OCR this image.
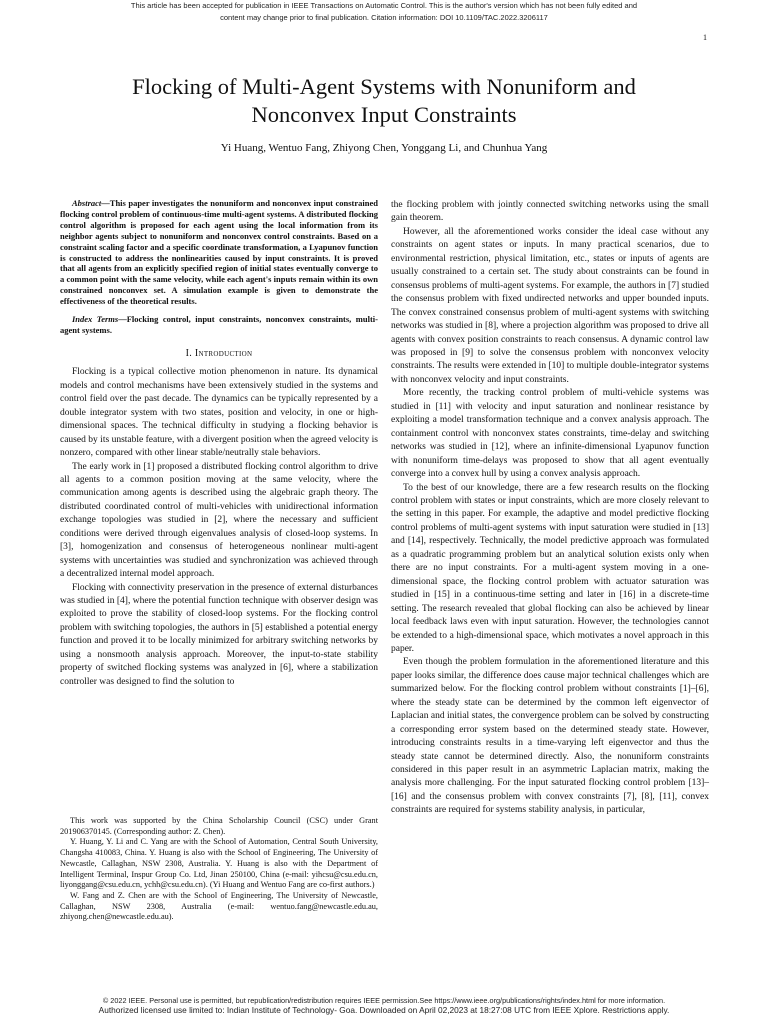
This article has been accepted for publication in IEEE Transactions on Automatic Control. This is the author's version which has not been fully edited and
content may change prior to final publication. Citation information: DOI 10.1109/TAC.2022.3206117
1
Flocking of Multi-Agent Systems with Nonuniform and
Nonconvex Input Constraints
Yi Huang, Wentuo Fang, Zhiyong Chen, Yonggang Li, and Chunhua Yang

Abstract—This paper investigates the nonuniform and nonconvex input constrained flocking control problem of continuous-time multi-agent systems. A distributed flocking control algorithm is proposed for each agent using the local information from its neighbor agents subject to nonuniform and nonconvex control constraints. Based on a constraint scaling factor and a specific coordinate transformation, a Lyapunov function is constructed to address the nonlinearities caused by input constraints. It is proved that all agents from an explicitly specified region of initial states eventually converge to a common point with the same velocity, while each agent's inputs remain within its own constrained nonconvex set. A simulation example is given to demonstrate the effectiveness of the theoretical results.

Index Terms—Flocking control, input constraints, nonconvex constraints, multi-agent systems.

I. Introduction

Flocking is a typical collective motion phenomenon in nature. Its dynamical models and control mechanisms have been extensively studied in the systems and control field over the past decade. The dynamics can be typically represented by a double integrator system with two states, position and velocity, in one or high-dimensional spaces. The technical difficulty in studying a flocking behavior is caused by its unstable feature, with a divergent position when the agreed velocity is nonzero, compared with other linear stable/neutrally stale behaviors.

The early work in [1] proposed a distributed flocking control algorithm to drive all agents to a common position moving at the same velocity, where the communication among agents is described using the algebraic graph theory. The distributed coordinated control of multi-vehicles with unidirectional information exchange topologies was studied in [2], where the necessary and sufficient conditions were derived through eigenvalues analysis of closed-loop systems. In [3], homogenization and consensus of heterogeneous nonlinear multi-agent systems with uncertainties was studied and synchronization was achieved through a decentralized internal model approach.

Flocking with connectivity preservation in the presence of external disturbances was studied in [4], where the potential function technique with observer design was exploited to prove the stability of closed-loop systems. For the flocking control problem with switching topologies, the authors in [5] established a potential energy function and proved it to be locally minimized for arbitrary switching networks by using a nonsmooth analysis approach. Moreover, the input-to-state stability property of switched flocking systems was analyzed in [6], where a stabilization controller was designed to find the solution to

This work was supported by the China Scholarship Council (CSC) under Grant 201906370145. (Corresponding author: Z. Chen).

Y. Huang, Y. Li and C. Yang are with the School of Automation, Central South University, Changsha 410083, China. Y. Huang is also with the School of Engineering, The University of Newcastle, Callaghan, NSW 2308, Australia. Y. Huang is also with the Department of Intelligent Terminal, Inspur Group Co. Ltd, Jinan 250100, China (e-mail: yihcsu@csu.edu.cn, liyonggang@csu.edu.cn, ychh@csu.edu.cn). (Yi Huang and Wentuo Fang are co-first authors.)

W. Fang and Z. Chen are with the School of Engineering, The University of Newcastle, Callaghan, NSW 2308, Australia (e-mail: wentuo.fang@newcastle.edu.au, zhiyong.chen@newcastle.edu.au).

the flocking problem with jointly connected switching networks using the small gain theorem.

However, all the aforementioned works consider the ideal case without any constraints on agent states or inputs. In many practical scenarios, due to environmental restriction, physical limitation, etc., states or inputs of agents are usually constrained to a certain set. The study about constraints can be found in consensus problems of multi-agent systems. For example, the authors in [7] studied the consensus problem with fixed undirected networks and upper bounded inputs. The convex constrained consensus problem of multi-agent systems with switching networks was studied in [8], where a projection algorithm was proposed to drive all agents with convex position constraints to reach consensus. A dynamic control law was proposed in [9] to solve the consensus problem with nonconvex velocity constraints. The results were extended in [10] to multiple double-integrator systems with nonconvex velocity and input constraints.

More recently, the tracking control problem of multi-vehicle systems was studied in [11] with velocity and input saturation and nonlinear resistance by exploiting a model transformation technique and a convex analysis approach. The containment control with nonconvex states constraints, time-delay and switching networks was studied in [12], where an infinite-dimensional Lyapunov function with nonuniform time-delays was proposed to show that all agent eventually converge into a convex hull by using a convex analysis approach.

To the best of our knowledge, there are a few research results on the flocking control problem with states or input constraints, which are more closely relevant to the setting in this paper. For example, the adaptive and model predictive flocking control problems of multi-agent systems with input saturation were studied in [13] and [14], respectively. Technically, the model predictive approach was formulated as a quadratic programming problem but an analytical solution exists only when there are no input constraints. For a multi-agent system moving in a one-dimensional space, the flocking control problem with actuator saturation was studied in [15] in a continuous-time setting and later in [16] in a discrete-time setting. The research revealed that global flocking can also be achieved by linear local feedback laws even with input saturation. However, the technologies cannot be extended to a high-dimensional space, which motivates a novel approach in this paper.

Even though the problem formulation in the aforementioned literature and this paper looks similar, the difference does cause major technical challenges which are summarized below. For the flocking control problem without constraints [1]–[6], where the steady state can be determined by the common left eigenvector of Laplacian and initial states, the convergence problem can be solved by constructing a corresponding error system based on the determined steady state. However, introducing constraints results in a time-varying left eigenvector and thus the steady state cannot be determined directly. Also, the nonuniform constraints considered in this paper result in an asymmetric Laplacian matrix, making the analysis more challenging. For the input saturated flocking control problem [13]–[16] and the consensus problem with convex constraints [7], [8], [11], convex constraints are required for systems stability analysis, in particular,

© 2022 IEEE. Personal use is permitted, but republication/redistribution requires IEEE permission.See https://www.ieee.org/publications/rights/index.html for more information.
Authorized licensed use limited to: Indian Institute of Technology- Goa. Downloaded on April 02,2023 at 18:27:08 UTC from IEEE Xplore. Restrictions apply.
